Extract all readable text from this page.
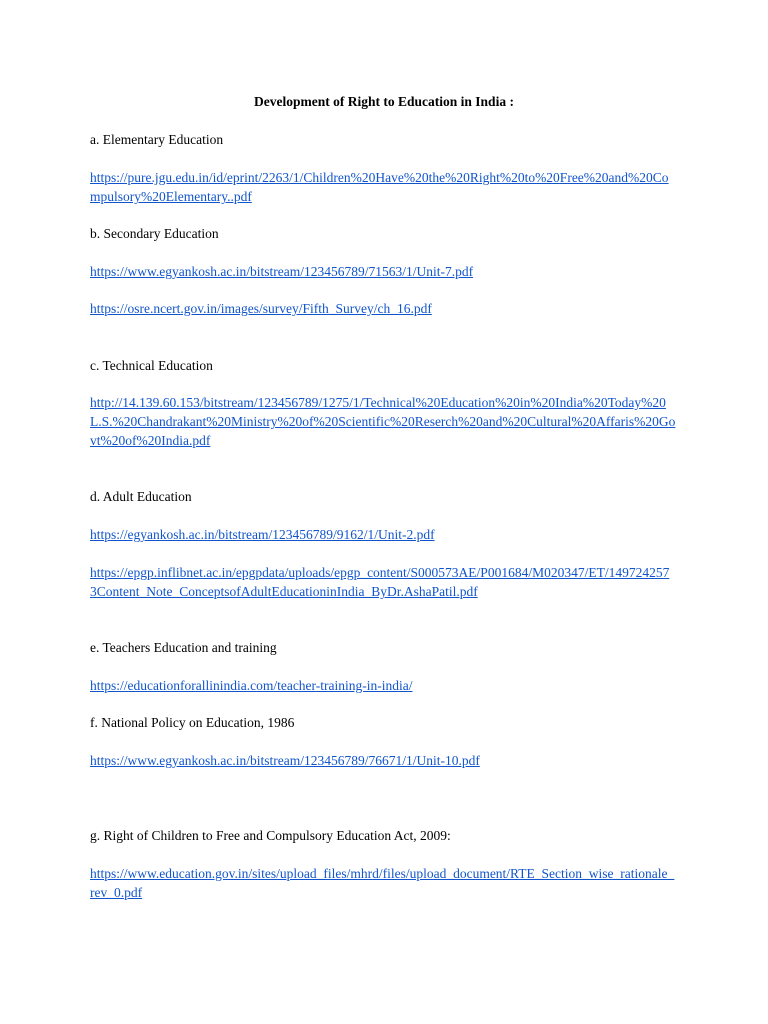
Development of Right to Education in India :
a. Elementary Education
https://pure.jgu.edu.in/id/eprint/2263/1/Children%20Have%20the%20Right%20to%20Free%20and%20Compulsory%20Elementary..pdf
b. Secondary Education
https://www.egyankosh.ac.in/bitstream/123456789/71563/1/Unit-7.pdf
https://osre.ncert.gov.in/images/survey/Fifth_Survey/ch_16.pdf
c. Technical Education
http://14.139.60.153/bitstream/123456789/1275/1/Technical%20Education%20in%20India%20Today%20L.S.%20Chandrakant%20Ministry%20of%20Scientific%20Reserch%20and%20Cultural%20Affaris%20Govt%20of%20India.pdf
d. Adult Education
https://egyankosh.ac.in/bitstream/123456789/9162/1/Unit-2.pdf
https://epgp.inflibnet.ac.in/epgpdata/uploads/epgp_content/S000573AE/P001684/M020347/ET/1497242573Content_Note_ConceptsofAdultEducationinIndia_ByDr.AshaPatil.pdf
e. Teachers Education and training
https://educationforallinindia.com/teacher-training-in-india/
f. National Policy on Education, 1986
https://www.egyankosh.ac.in/bitstream/123456789/76671/1/Unit-10.pdf
g. Right of Children to Free and Compulsory Education Act, 2009:
https://www.education.gov.in/sites/upload_files/mhrd/files/upload_document/RTE_Section_wise_rationale_rev_0.pdf
